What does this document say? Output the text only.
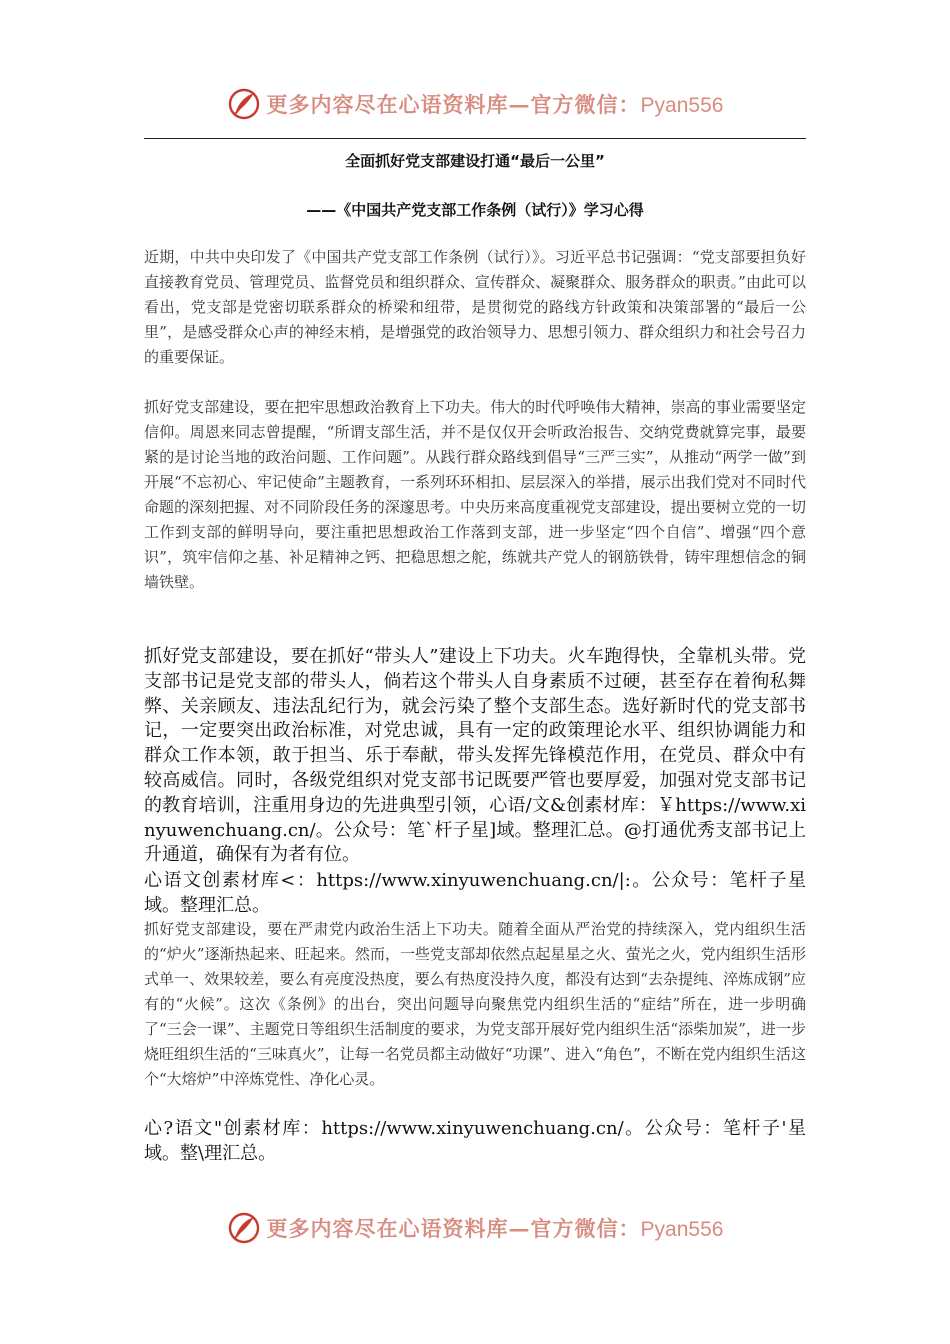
更多内容尽在心语资料库—官方微信：Pyan556
全面抓好党支部建设打通“最后一公里”
——《中国共产党支部工作条例（试行）》学习心得

近期，中共中央印发了《中国共产党支部工作条例（试行）》。习近平总书记强调：“党支部要担负好直接教育党员、管理党员、监督党员和组织群众、宣传群众、凝聚群众、服务群众的职责。”由此可以看出，党支部是党密切联系群众的桥梁和纽带，是贯彻党的路线方针政策和决策部署的“最后一公里”，是感受群众心声的神经末梢，是增强党的政治领导力、思想引领力、群众组织力和社会号召力的重要保证。

抓好党支部建设，要在把牢思想政治教育上下功夫。伟大的时代呼唤伟大精神，崇高的事业需要坚定信仰。周恩来同志曾提醒，“所谓支部生活，并不是仅仅开会听政治报告、交纳党费就算完事，最要紧的是讨论当地的政治问题、工作问题”。从践行群众路线到倡导“三严三实”，从推动“两学一做”到开展“不忘初心、牢记使命”主题教育，一系列环环相扣、层层深入的举措，展示出我们党对不同时代命题的深刻把握、对不同阶段任务的深邃思考。中央历来高度重视党支部建设，提出要树立党的一切工作到支部的鲜明导向，要注重把思想政治工作落到支部，进一步坚定“四个自信”、增强“四个意识”，筑牢信仰之基、补足精神之钙、把稳思想之舵，练就共产党人的钢筋铁骨，铸牢理想信念的铜墙铁壁。

抓好党支部建设，要在抓好“带头人”建设上下功夫。火车跑得快，全靠机头带。党支部书记是党支部的带头人，倘若这个带头人自身素质不过硬，甚至存在着徇私舞弊、关亲顾友、违法乱纪行为，就会污染了整个支部生态。选好新时代的党支部书记，一定要突出政治标准，对党忠诚，具有一定的政策理论水平、组织协调能力和群众工作本领，敢于担当、乐于奉献，带头发挥先锋模范作用，在党员、群众中有较高威信。同时，各级党组织对党支部书记既要严管也要厚爱，加强对党支部书记的教育培训，注重用身边的先进典型引领，心语/文&创素材库：￥https://www.xinyuwenchuang.cn/。公众号：笔`杆子星]域。整理汇总。@打通优秀支部书记上升通道，确保有为者有位。

心语文创素材库<：https://www.xinyuwenchuang.cn/|:。公众号：笔杆子星域。整理汇总。

抓好党支部建设，要在严肃党内政治生活上下功夫。随着全面从严治党的持续深入，党内组织生活的“炉火”逐渐热起来、旺起来。然而，一些党支部却依然点起星星之火、萤光之火，党内组织生活形式单一、效果较差，要么有亮度没热度，要么有热度没持久度，都没有达到“去杂提纯、淬炼成钢”应有的“火候”。这次《条例》的出台，突出问题导向聚焦党内组织生活的“症结”所在，进一步明确了“三会一课”、主题党日等组织生活制度的要求，为党支部开展好党内组织生活“添柴加炭”，进一步烧旺组织生活的“三味真火”，让每一名党员都主动做好“功课”、进入“角色”，不断在党内组织生活这个“大熔炉”中淬炼党性、净化心灵。

心?语文"创素材库：https://www.xinyuwenchuang.cn/。公众号：笔杆子'星域。整\理汇总。

更多内容尽在心语资料库—官方微信：Pyan556
